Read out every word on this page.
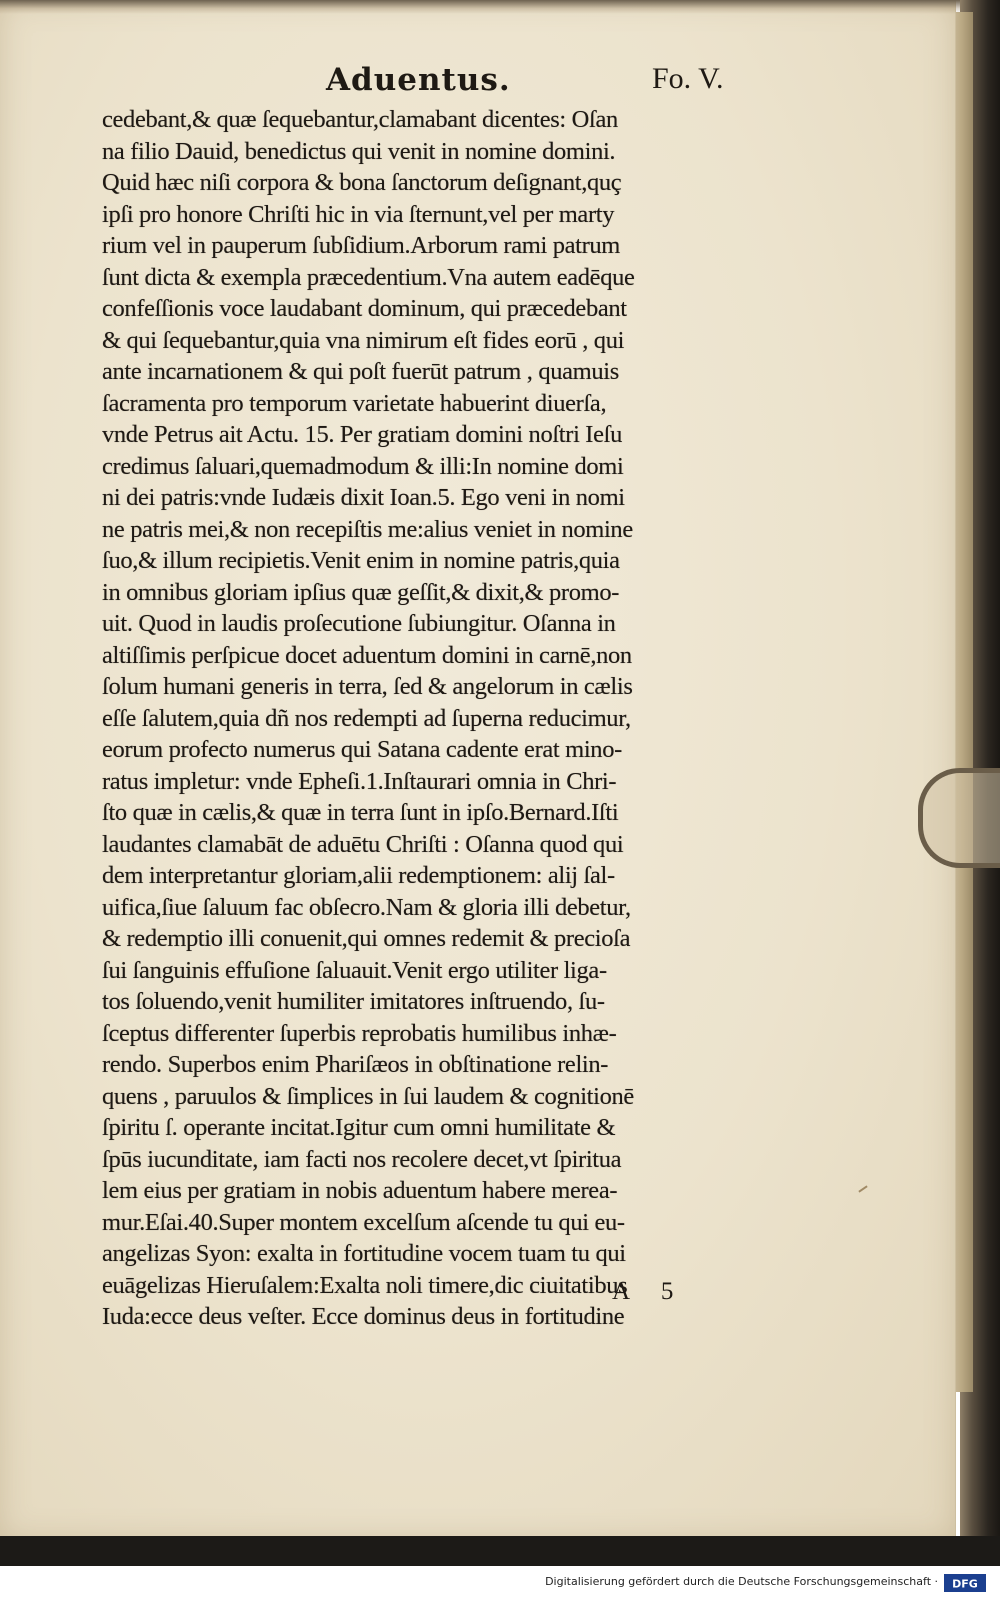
Aduentus.	Fo. V.
cedebant,& quæ ſequebantur,clamabant dicentes: Oſan
na filio Dauid, benedictus qui venit in nomine domini.
Quid hæc niſi corpora & bona ſanctorum deſignant,quç
ipſi pro honore Chriſti hic in via ſternunt,vel per marty
rium vel in pauperum ſubſidium.Arborum rami patrum
ſunt dicta & exempla præcedentium.Vna autem eadēque
confeſſionis voce laudabant dominum, qui præcedebant
& qui ſequebantur,quia vna nimirum eſt fides eorū , qui
ante incarnationem & qui poſt fuerūt patrum , quamuis
ſacramenta pro temporum varietate habuerint diuerſa,
vnde Petrus ait Actu. 15. Per gratiam domini noſtri Ieſu
credimus ſaluari,quemadmodum & illi:In nomine domi
ni dei patris:vnde Iudæis dixit Ioan.5. Ego veni in nomi
ne patris mei,& non recepiſtis me:alius veniet in nomine
ſuo,& illum recipietis.Venit enim in nomine patris,quia
in omnibus gloriam ipſius quæ geſſit,& dixit,& promo-
uit. Quod in laudis proſecutione ſubiungitur. Oſanna in
altiſſimis perſpicue docet aduentum domini in carnē,non
ſolum humani generis in terra, ſed & angelorum in cælis
eſſe ſalutem,quia dñ nos redempti ad ſuperna reducimur,
eorum profecto numerus qui Satana cadente erat mino-
ratus impletur: vnde Epheſi.1.Inſtaurari omnia in Chri-
ſto quæ in cælis,& quæ in terra ſunt in ipſo.Bernard.Iſti
laudantes clamabāt de aduētu Chriſti : Oſanna quod qui
dem interpretantur gloriam,alii redemptionem: alij ſal-
uifica,ſiue ſaluum fac obſecro.Nam & gloria illi debetur,
& redemptio illi conuenit,qui omnes redemit & precioſa
ſui ſanguinis effuſione ſaluauit.Venit ergo utiliter liga-
tos ſoluendo,venit humiliter imitatores inſtruendo, ſu-
ſceptus differenter ſuperbis reprobatis humilibus inhæ-
rendo. Superbos enim Phariſæos in obſtinatione relin-
quens , paruulos & ſimplices in ſui laudem & cognitionē
ſpiritu ſ. operante incitat.Igitur cum omni humilitate &
ſpūs iucunditate, iam facti nos recolere decet,vt ſpiritua
lem eius per gratiam in nobis aduentum habere merea-
mur.Eſai.40.Super montem excelſum aſcende tu qui eu-
angelizas Syon: exalta in fortitudine vocem tuam tu qui
euāgelizas Hieruſalem:Exalta noli timere,dic ciuitatibus
Iuda:ecce deus veſter. Ecce dominus deus in fortitudine
A 5
Digitalisierung gefördert durch die Deutsche Forschungsgemeinschaft · DFG
